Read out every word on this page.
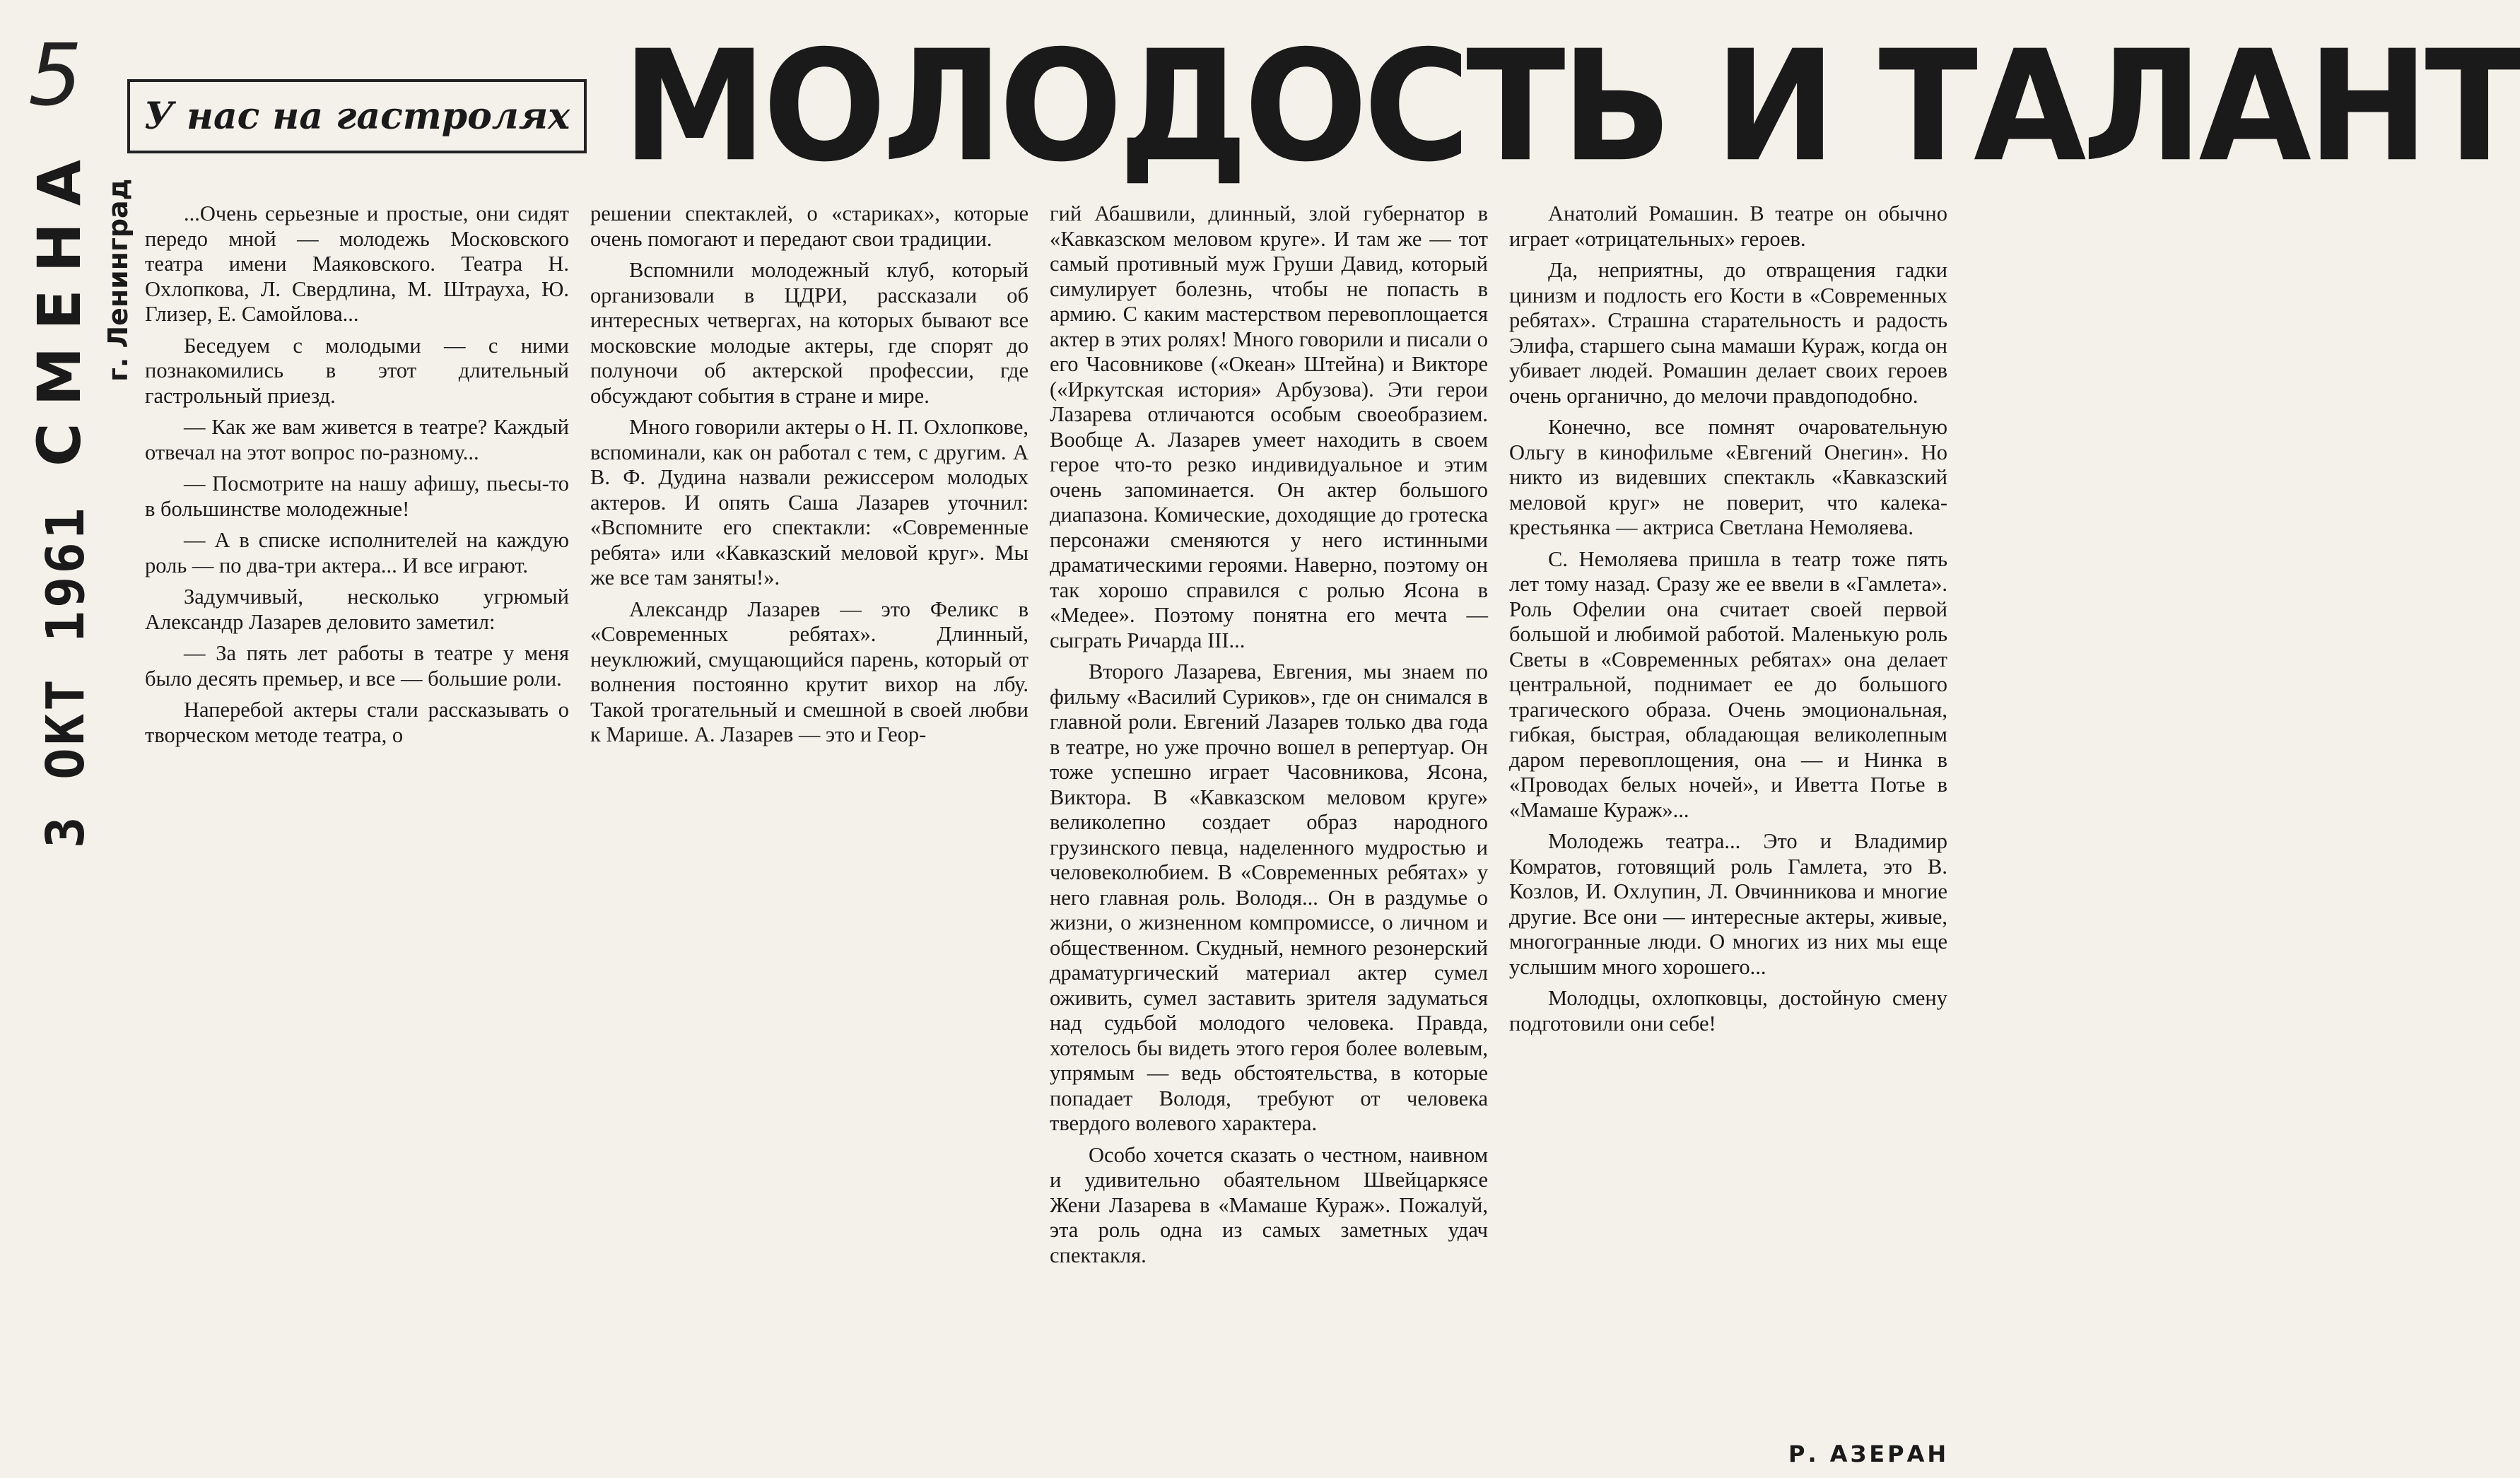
5 У нас на гастролях МОЛОДОСТЬ И ТАЛАНТ
СМЕНА г. Ленинград
3 ОКТ 1961

...Очень серьезные и простые, они сидят передо мной — молодежь Московского театра имени Маяковского. Театра Н. Охлопкова, Л. Свердлина, М. Штрауха, Ю. Глизер, Е. Самойлова...

Беседуем с молодыми — с ними познакомились в этот длительный гастрольный приезд.

— Как же вам живется в театре? Каждый отвечал на этот вопрос по-разному...

— Посмотрите на нашу афишу, пьесы-то в большинстве молодежные!

— А в списке исполнителей на каждую роль — по два-три актера... И все играют.

Задумчивый, несколько угрюмый Александр Лазарев деловито заметил:

— За пять лет работы в театре у меня было десять премьер, и все — большие роли.

Наперебой актеры стали рассказывать о творческом методе театра, о

решении спектаклей, о «стариках», которые очень помогают и передают свои традиции.

Вспомнили молодежный клуб, который организовали в ЦДРИ, рассказали об интересных четвергах, на которых бывают все московские молодые актеры, где спорят до полуночи об актерской профессии, где обсуждают события в стране и мире.

Много говорили актеры о Н. П. Охлопкове, вспоминали, как он работал с тем, с другим. А В. Ф. Дудина назвали режиссером молодых актеров. И опять Саша Лазарев уточнил: «Вспомните его спектакли: «Современные ребята» или «Кавказский меловой круг». Мы же все там заняты!».

Александр Лазарев — это Феликс в «Современных ребятах». Длинный, неуклюжий, смущающийся парень, который от волнения постоянно крутит вихор на лбу. Такой трогательный и смешной в своей любви к Марише. А. Лазарев — это и Геор-

гий Абашвили, длинный, злой губернатор в «Кавказском меловом круге». И там же — тот самый противный муж Груши Давид, который симулирует болезнь, чтобы не попасть в армию. С каким мастерством перевоплощается актер в этих ролях! Много говорили и писали о его Часовникове («Океан» Штейна) и Викторе («Иркутская история» Арбузова). Эти герои Лазарева отличаются особым своеобразием. Вообще А. Лазарев умеет находить в своем герое что-то резко индивидуальное и этим очень запоминается. Он актер большого диапазона. Комические, доходящие до гротеска персонажи сменяются у него истинными драматическими героями. Наверно, поэтому он так хорошо справился с ролью Ясона в «Медее». Поэтому понятна его мечта — сыграть Ричарда III...

Второго Лазарева, Евгения, мы знаем по фильму «Василий Суриков», где он снимался в главной роли. Евгений Лазарев только два года в театре, но уже прочно вошел в репертуар. Он тоже успешно играет Часовникова, Ясона, Виктора. В «Кавказском меловом круге» великолепно создает образ народного грузинского певца, наделенного мудростью и человеколюбием. В «Современных ребятах» у него главная роль. Володя... Он в раздумье о жизни, о жизненном компромиссе, о личном и общественном. Скудный, немного резонерский драматургический материал актер сумел оживить, сумел заставить зрителя задуматься над судьбой молодого человека. Правда, хотелось бы видеть этого героя более волевым, упрямым — ведь обстоятельства, в которые попадает Володя, требуют от человека твердого волевого характера.

Особо хочется сказать о честном, наивном и удивительно обаятельном Швейцаркясе Жени Лазарева в «Мамаше Кураж». Пожалуй, эта роль одна из самых заметных удач спектакля.

Анатолий Ромашин. В театре он обычно играет «отрицательных» героев.

Да, неприятны, до отвращения гадки цинизм и подлость его Кости в «Современных ребятах». Страшна старательность и радость Элифа, старшего сына мамаши Кураж, когда он убивает людей. Ромашин делает своих героев очень органично, до мелочи правдоподобно.

Конечно, все помнят очаровательную Ольгу в кинофильме «Евгений Онегин». Но никто из видевших спектакль «Кавказский меловой круг» не поверит, что калека-крестьянка — актриса Светлана Немоляева.

С. Немоляева пришла в театр тоже пять лет тому назад. Сразу же ее ввели в «Гамлета». Роль Офелии она считает своей первой большой и любимой работой. Маленькую роль Светы в «Современных ребятах» она делает центральной, поднимает ее до большого трагического образа. Очень эмоциональная, гибкая, быстрая, обладающая великолепным даром перевоплощения, она — и Нинка в «Проводах белых ночей», и Иветта Потье в «Мамаше Кураж»...

Молодежь театра... Это и Владимир Комратов, готовящий роль Гамлета, это В. Козлов, И. Охлупин, Л. Овчинникова и многие другие. Все они — интересные актеры, живые, многогранные люди. О многих из них мы еще услышим много хорошего...

Молодцы, охлопковцы, достойную смену подготовили они себе!

Р. АЗЕРАН
